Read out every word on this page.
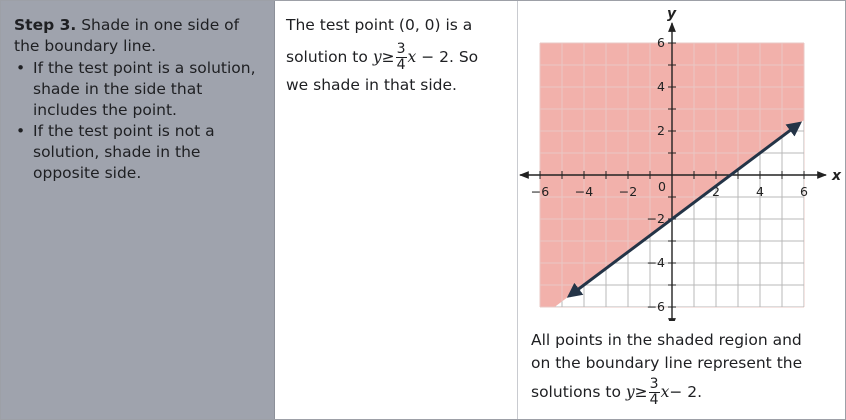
Step 3. Shade in one side of the boundary line.
• If the test point is a solution, shade in the side that includes the point.
• If the test point is not a solution, shade in the opposite side.
The test point (0, 0) is a
solution to $y\ge \frac{3}{4}$ x − 2. So
we shade in that side.
x
y
−6 −4 −2	2	4	6
6
4
2
−2
−4
−6
0
All points in the shaded region and
on the boundary line represent the
solutions to $y\ge \frac{3}{4} x- 2$.
